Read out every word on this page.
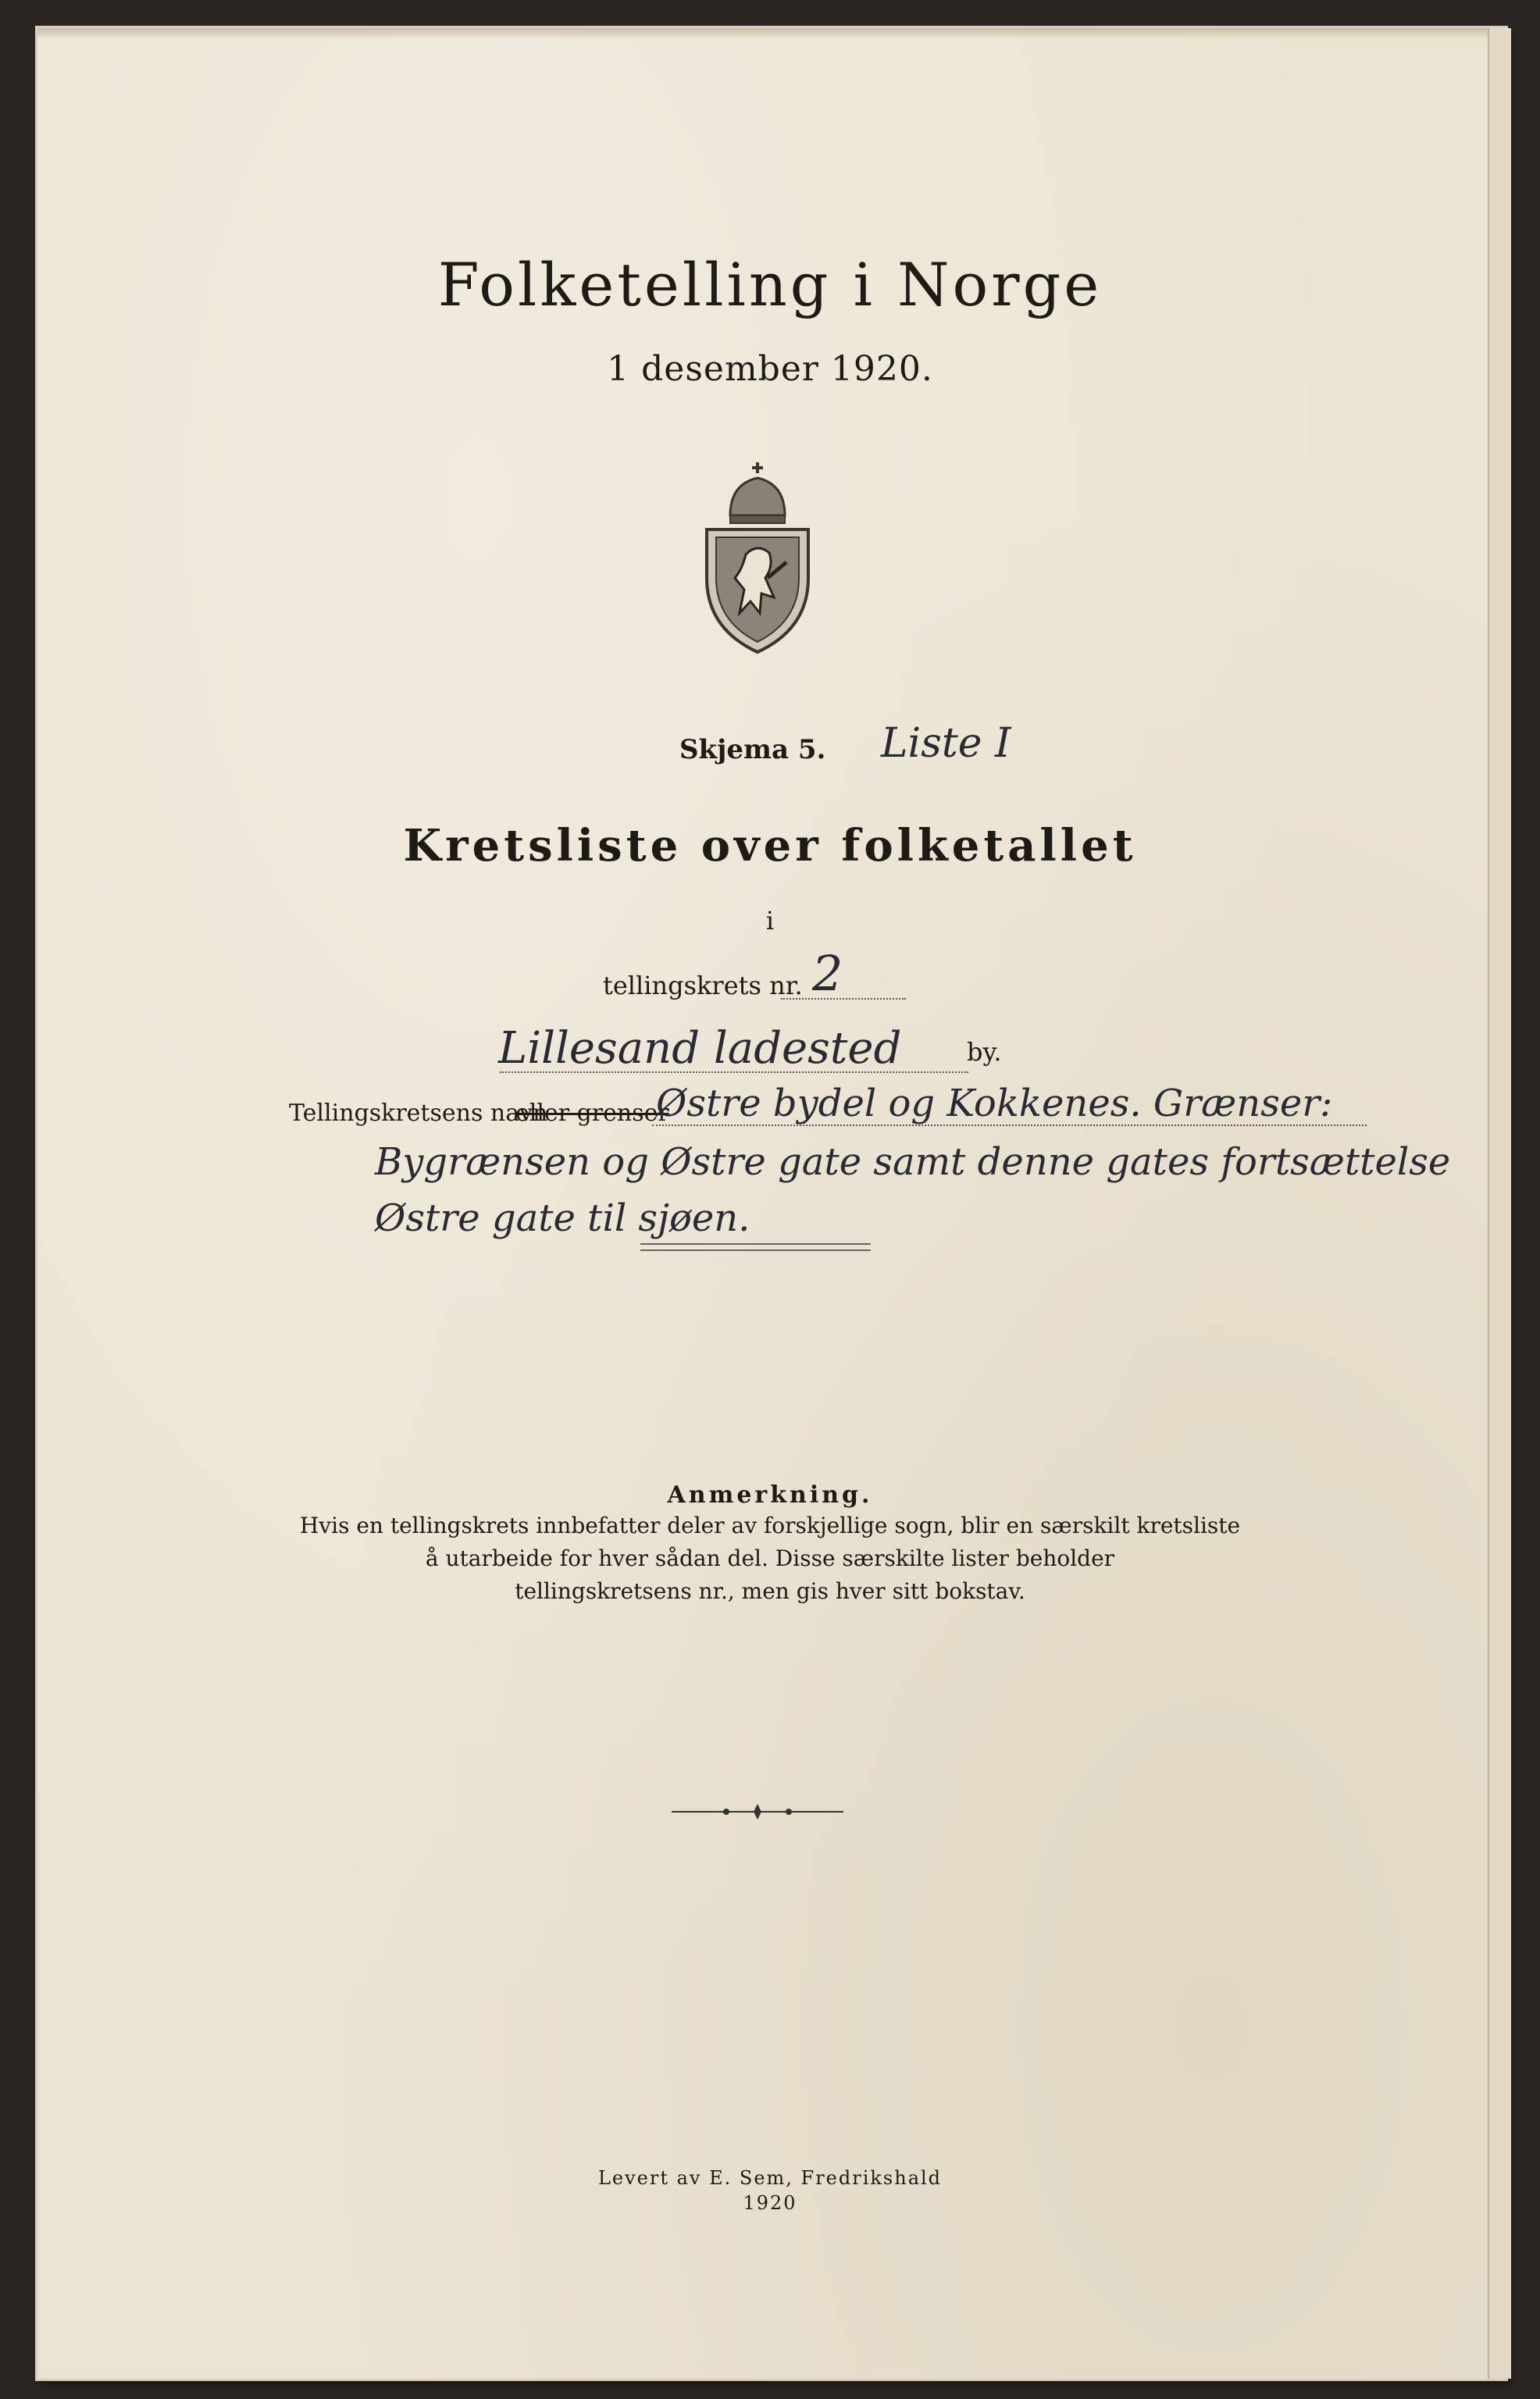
Folketelling i Norge
1 desember 1920.
Skjema 5. Liste I
Kretsliste over folketallet
i
tellingskrets nr. 2
Lillesand ladested	by.
Tellingskretsens navn
eller grenser
Østre bydel og Kokkenes. Grænser:
Bygrænsen og Østre gate samt denne gates fortsættelse
Østre gate til sjøen.
Anmerkning.
Hvis en tellingskrets innbefatter deler av forskjellige sogn, blir en særskilt kretsliste
å utarbeide for hver sådan del. Disse særskilte lister beholder
tellingskretsens nr., men gis hver sitt bokstav.
Levert av E. Sem, Fredrikshald
1920
